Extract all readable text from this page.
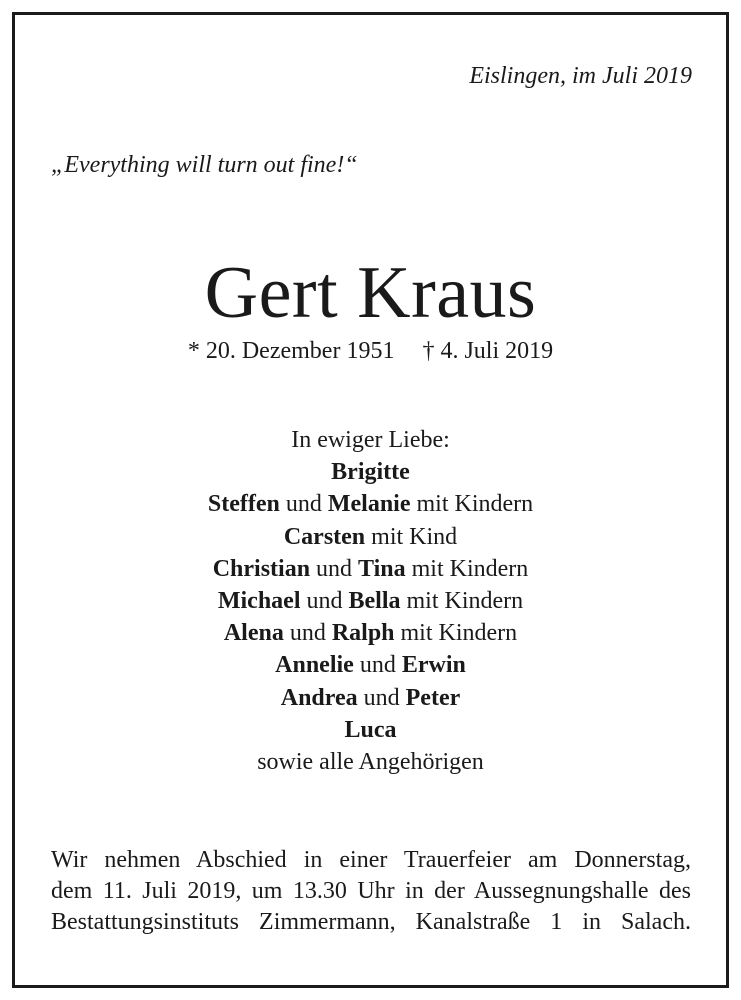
Eislingen, im Juli 2019
„Everything will turn out fine!“
Gert Kraus
* 20. Dezember 1951 † 4. Juli 2019
In ewiger Liebe:
Brigitte
Steffen und Melanie mit Kindern
Carsten mit Kind
Christian und Tina mit Kindern
Michael und Bella mit Kindern
Alena und Ralph mit Kindern
Annelie und Erwin
Andrea und Peter
Luca
sowie alle Angehörigen
Wir nehmen Abschied in einer Trauerfeier am Donnerstag,
dem 11. Juli 2019, um 13.30 Uhr in der Aussegnungshalle des
Bestattungsinstituts Zimmermann, Kanalstraße 1 in Salach.
